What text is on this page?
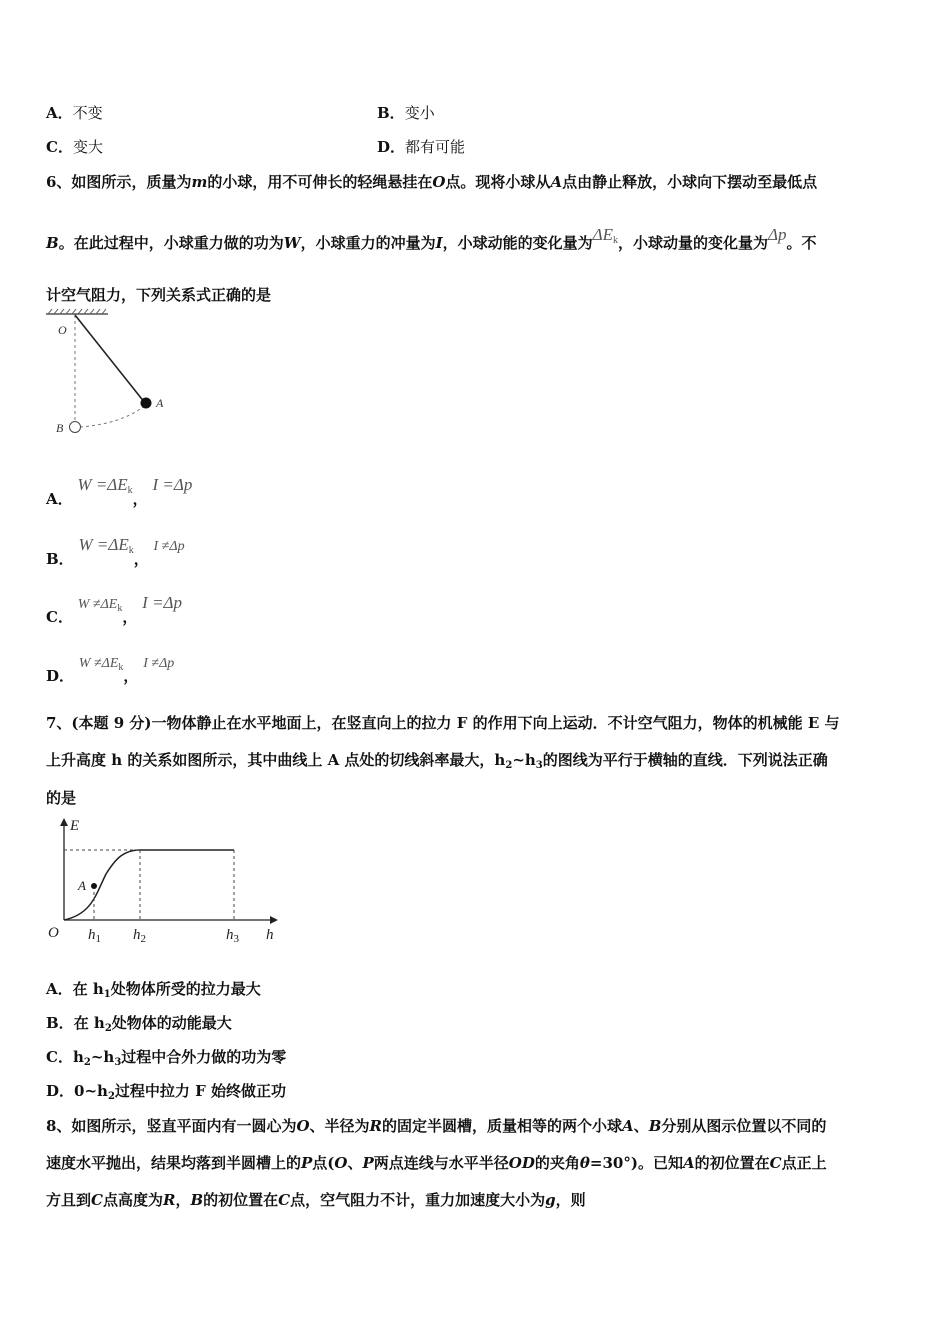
A．不变	B．变小
C．变大	D．都有可能
6、如图所示，质量为m的小球，用不可伸长的轻绳悬挂在O点。现将小球从A点由静止释放，小球向下摆动至最低点
B。在此过程中，小球重力做的功为W，小球重力的冲量为I，小球动能的变化量为$\Delta E_k$，小球动量的变化量为Δp。不
计空气阻力，下列关系式正确的是
O
A
B
A． $W =\Delta E_k$， I =Δp
B． $W =\Delta E_k$， I ≠Δp
C． $W \ne\Delta E_k$， I =Δp
D． $W \ne\Delta E_k$， I ≠Δp
7、(本题 9 分)一物体静止在水平地面上，在竖直向上的拉力 F 的作用下向上运动．不计空气阻力，物体的机械能 E 与
上升高度 h 的关系如图所示，其中曲线上 A 点处的切线斜率最大，$h_2\sim h_3$的图线为平行于横轴的直线．下列说法正确
的是
E
O
A
$h_1$ $h_2$	$h_3$ h
A．在 $h_1$处物体所受的拉力最大
B．在 $h_2$处物体的动能最大
C．$h_2\sim h_3$过程中合外力做的功为零
D．$0\sim h_2$过程中拉力 F 始终做正功
8、如图所示，竖直平面内有一圆心为O、半径为R的固定半圆槽，质量相等的两个小球A、B分别从图示位置以不同的
速度水平抛出，结果均落到半圆槽上的P点(O、P两点连线与水平半径OD的夹角θ=30°)。已知A的初位置在C点正上
方且到C点高度为R，B的初位置在C点，空气阻力不计，重力加速度大小为g，则
